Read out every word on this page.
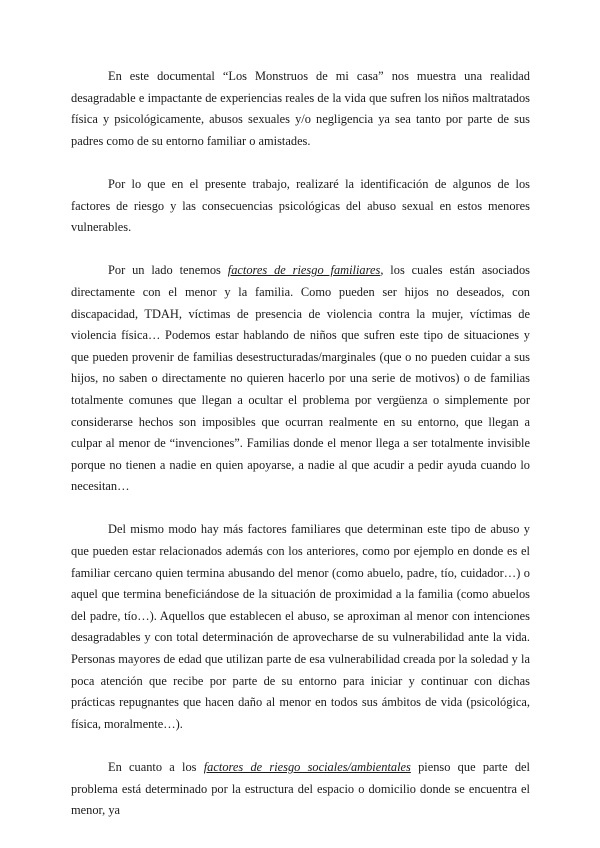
En este documental “Los Monstruos de mi casa” nos muestra una realidad desagradable e impactante de experiencias reales de la vida que sufren los niños maltratados física y psicológicamente, abusos sexuales y/o negligencia ya sea tanto por parte de sus padres como de su entorno familiar o amistades.

Por lo que en el presente trabajo, realizaré la identificación de algunos de los factores de riesgo y las consecuencias psicológicas del abuso sexual en estos menores vulnerables.

Por un lado tenemos factores de riesgo familiares, los cuales están asociados directamente con el menor y la familia. Como pueden ser hijos no deseados, con discapacidad, TDAH, víctimas de presencia de violencia contra la mujer, víctimas de violencia física… Podemos estar hablando de niños que sufren este tipo de situaciones y que pueden provenir de familias desestructuradas/marginales (que o no pueden cuidar a sus hijos, no saben o directamente no quieren hacerlo por una serie de motivos) o de familias totalmente comunes que llegan a ocultar el problema por vergüenza o simplemente por considerarse hechos son imposibles que ocurran realmente en su entorno, que llegan a culpar al menor de “invenciones”. Familias donde el menor llega a ser totalmente invisible porque no tienen a nadie en quien apoyarse, a nadie al que acudir a pedir ayuda cuando lo necesitan…

Del mismo modo hay más factores familiares que determinan este tipo de abuso y que pueden estar relacionados además con los anteriores, como por ejemplo en donde es el familiar cercano quien termina abusando del menor (como abuelo, padre, tío, cuidador…) o aquel que termina beneficiándose de la situación de proximidad a la familia (como abuelos del padre, tío…). Aquellos que establecen el abuso, se aproximan al menor con intenciones desagradables y con total determinación de aprovecharse de su vulnerabilidad ante la vida. Personas mayores de edad que utilizan parte de esa vulnerabilidad creada por la soledad y la poca atención que recibe por parte de su entorno para iniciar y continuar con dichas prácticas repugnantes que hacen daño al menor en todos sus ámbitos de vida (psicológica, física, moralmente…).

En cuanto a los factores de riesgo sociales/ambientales pienso que parte del problema está determinado por la estructura del espacio o domicilio donde se encuentra el menor, ya
